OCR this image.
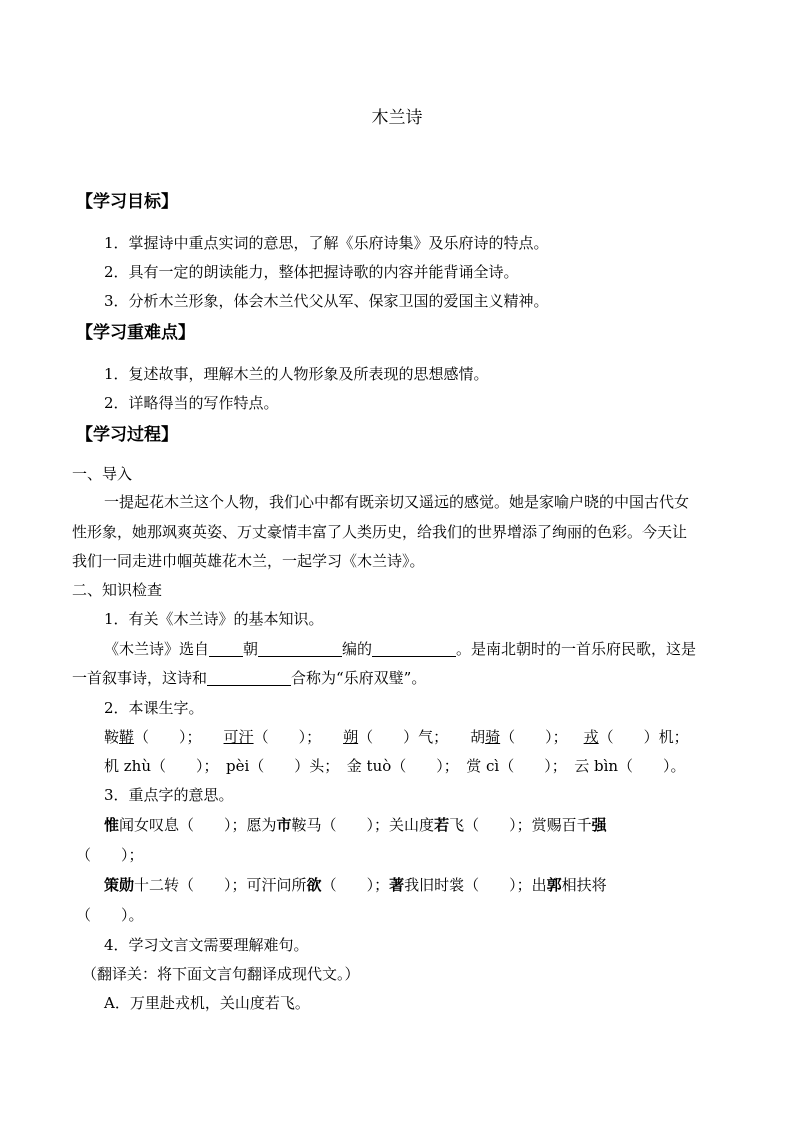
木兰诗
【学习目标】
1．掌握诗中重点实词的意思，了解《乐府诗集》及乐府诗的特点。
2．具有一定的朗读能力，整体把握诗歌的内容并能背诵全诗。
3．分析木兰形象，体会木兰代父从军、保家卫国的爱国主义精神。
【学习重难点】
1．复述故事，理解木兰的人物形象及所表现的思想感情。
2．详略得当的写作特点。
【学习过程】
一、导入
一提起花木兰这个人物，我们心中都有既亲切又遥远的感觉。她是家喻户晓的中国古代女
性形象，她那飒爽英姿、万丈豪情丰富了人类历史，给我们的世界增添了绚丽的色彩。今天让
我们一同走进巾帼英雄花木兰，一起学习《木兰诗》。
二、知识检查
1．有关《木兰诗》的基本知识。
《木兰诗》选自 朝	编的	。是南北朝时的一首乐府民歌，这是
一首叙事诗，这诗和	合称为“乐府双璧”。
2．本课生字。
鞍鞯（　　）； 可汗（　　）； 朔（　　）气； 胡骑（　　）； 戎（　　）机；
机 zhù（　　）；　pèi（　　）头；　金 tuò（　　）；　赏 cì（　　）；　云 bìn（　　）。
3．重点字的意思。
惟闻女叹息（　　）；愿为市鞍马（　　）；关山度若飞（　　）；赏赐百千强
（　　）；
策勋十二转（　　）；可汗问所欲（　　）；著我旧时裳（　　）；出郭相扶将
（　　）。
4．学习文言文需要理解难句。
（翻译关：将下面文言句翻译成现代文。）
A．万里赴戎机，关山度若飞。
